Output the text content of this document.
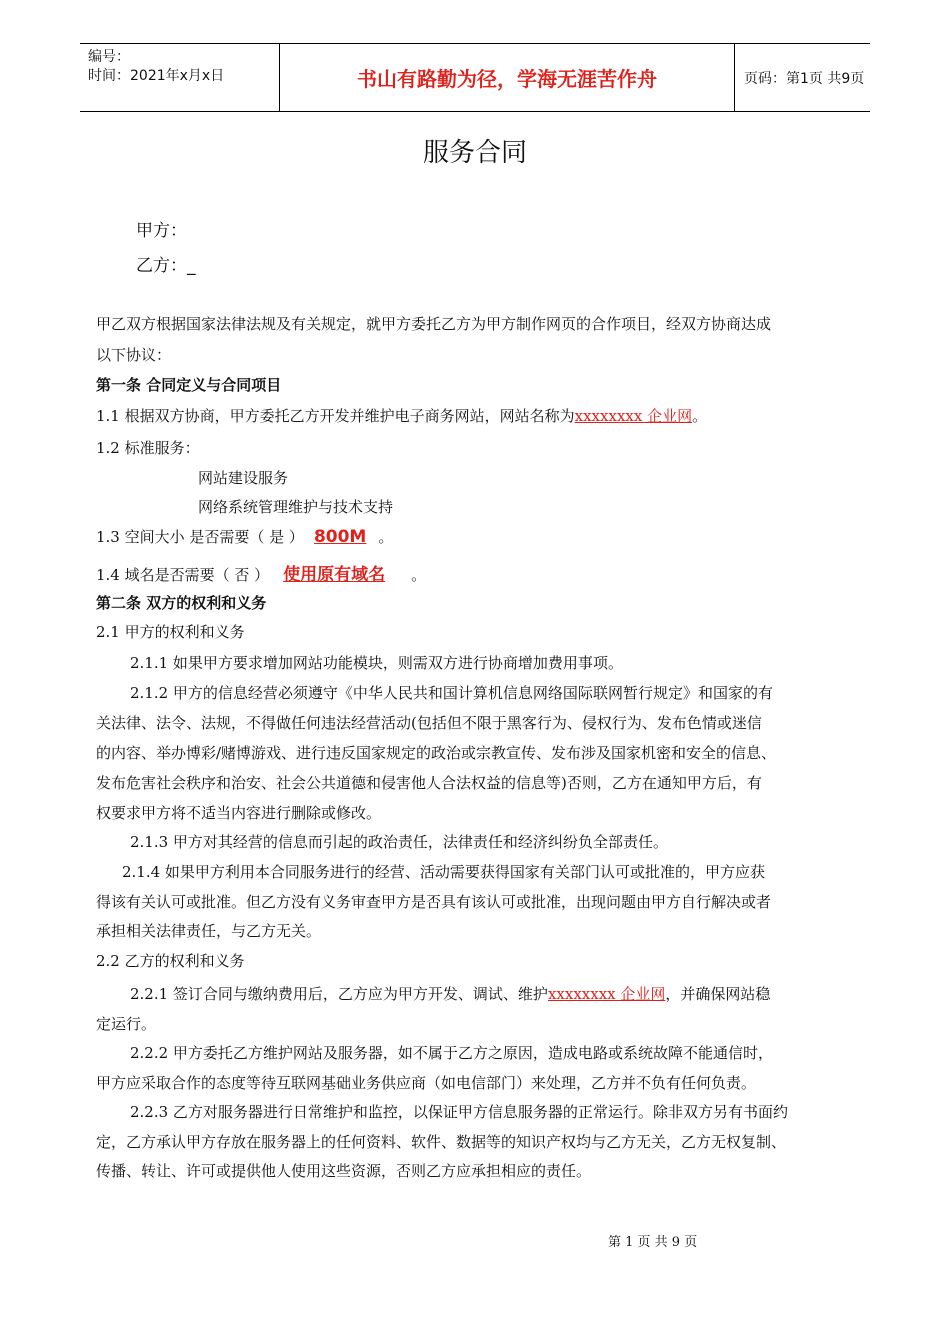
编号：
时间：2021年x月x日	书山有路勤为径，学海无涯苦作舟	页码：第1页 共9页
服务合同
甲方：
乙方：_
甲乙双方根据国家法律法规及有关规定，就甲方委托乙方为甲方制作网页的合作项目，经双方协商达成
以下协议：
第一条 合同定义与合同项目
1.1 根据双方协商，甲方委托乙方开发并维护电子商务网站，网站名称为xxxxxxxx 企业网。
1.2 标准服务：
网站建设服务
网络系统管理维护与技术支持
1.3 空间大小 是否需要（ 是 ） 800M 。
1.4 域名是否需要（ 否 ） 使用原有域名 。
第二条 双方的权利和义务
2.1 甲方的权利和义务
2.1.1 如果甲方要求增加网站功能模块，则需双方进行协商增加费用事项。
2.1.2 甲方的信息经营必须遵守《中华人民共和国计算机信息网络国际联网暂行规定》和国家的有
关法律、法令、法规，不得做任何违法经营活动(包括但不限于黑客行为、侵权行为、发布色情或迷信
的内容、举办博彩/赌博游戏、进行违反国家规定的政治或宗教宣传、发布涉及国家机密和安全的信息、
发布危害社会秩序和治安、社会公共道德和侵害他人合法权益的信息等)否则，乙方在通知甲方后，有
权要求甲方将不适当内容进行删除或修改。
2.1.3 甲方对其经营的信息而引起的政治责任，法律责任和经济纠纷负全部责任。
2.1.4 如果甲方利用本合同服务进行的经营、活动需要获得国家有关部门认可或批准的，甲方应获
得该有关认可或批准。但乙方没有义务审查甲方是否具有该认可或批准，出现问题由甲方自行解决或者
承担相关法律责任，与乙方无关。
2.2 乙方的权利和义务
2.2.1 签订合同与缴纳费用后，乙方应为甲方开发、调试、维护xxxxxxxx 企业网，并确保网站稳
定运行。
2.2.2 甲方委托乙方维护网站及服务器，如不属于乙方之原因，造成电路或系统故障不能通信时，
甲方应采取合作的态度等待互联网基础业务供应商（如电信部门）来处理，乙方并不负有任何负责。
2.2.3 乙方对服务器进行日常维护和监控，以保证甲方信息服务器的正常运行。除非双方另有书面约
定，乙方承认甲方存放在服务器上的任何资料、软件、数据等的知识产权均与乙方无关，乙方无权复制、
传播、转让、许可或提供他人使用这些资源，否则乙方应承担相应的责任。
第 1 页 共 9 页
